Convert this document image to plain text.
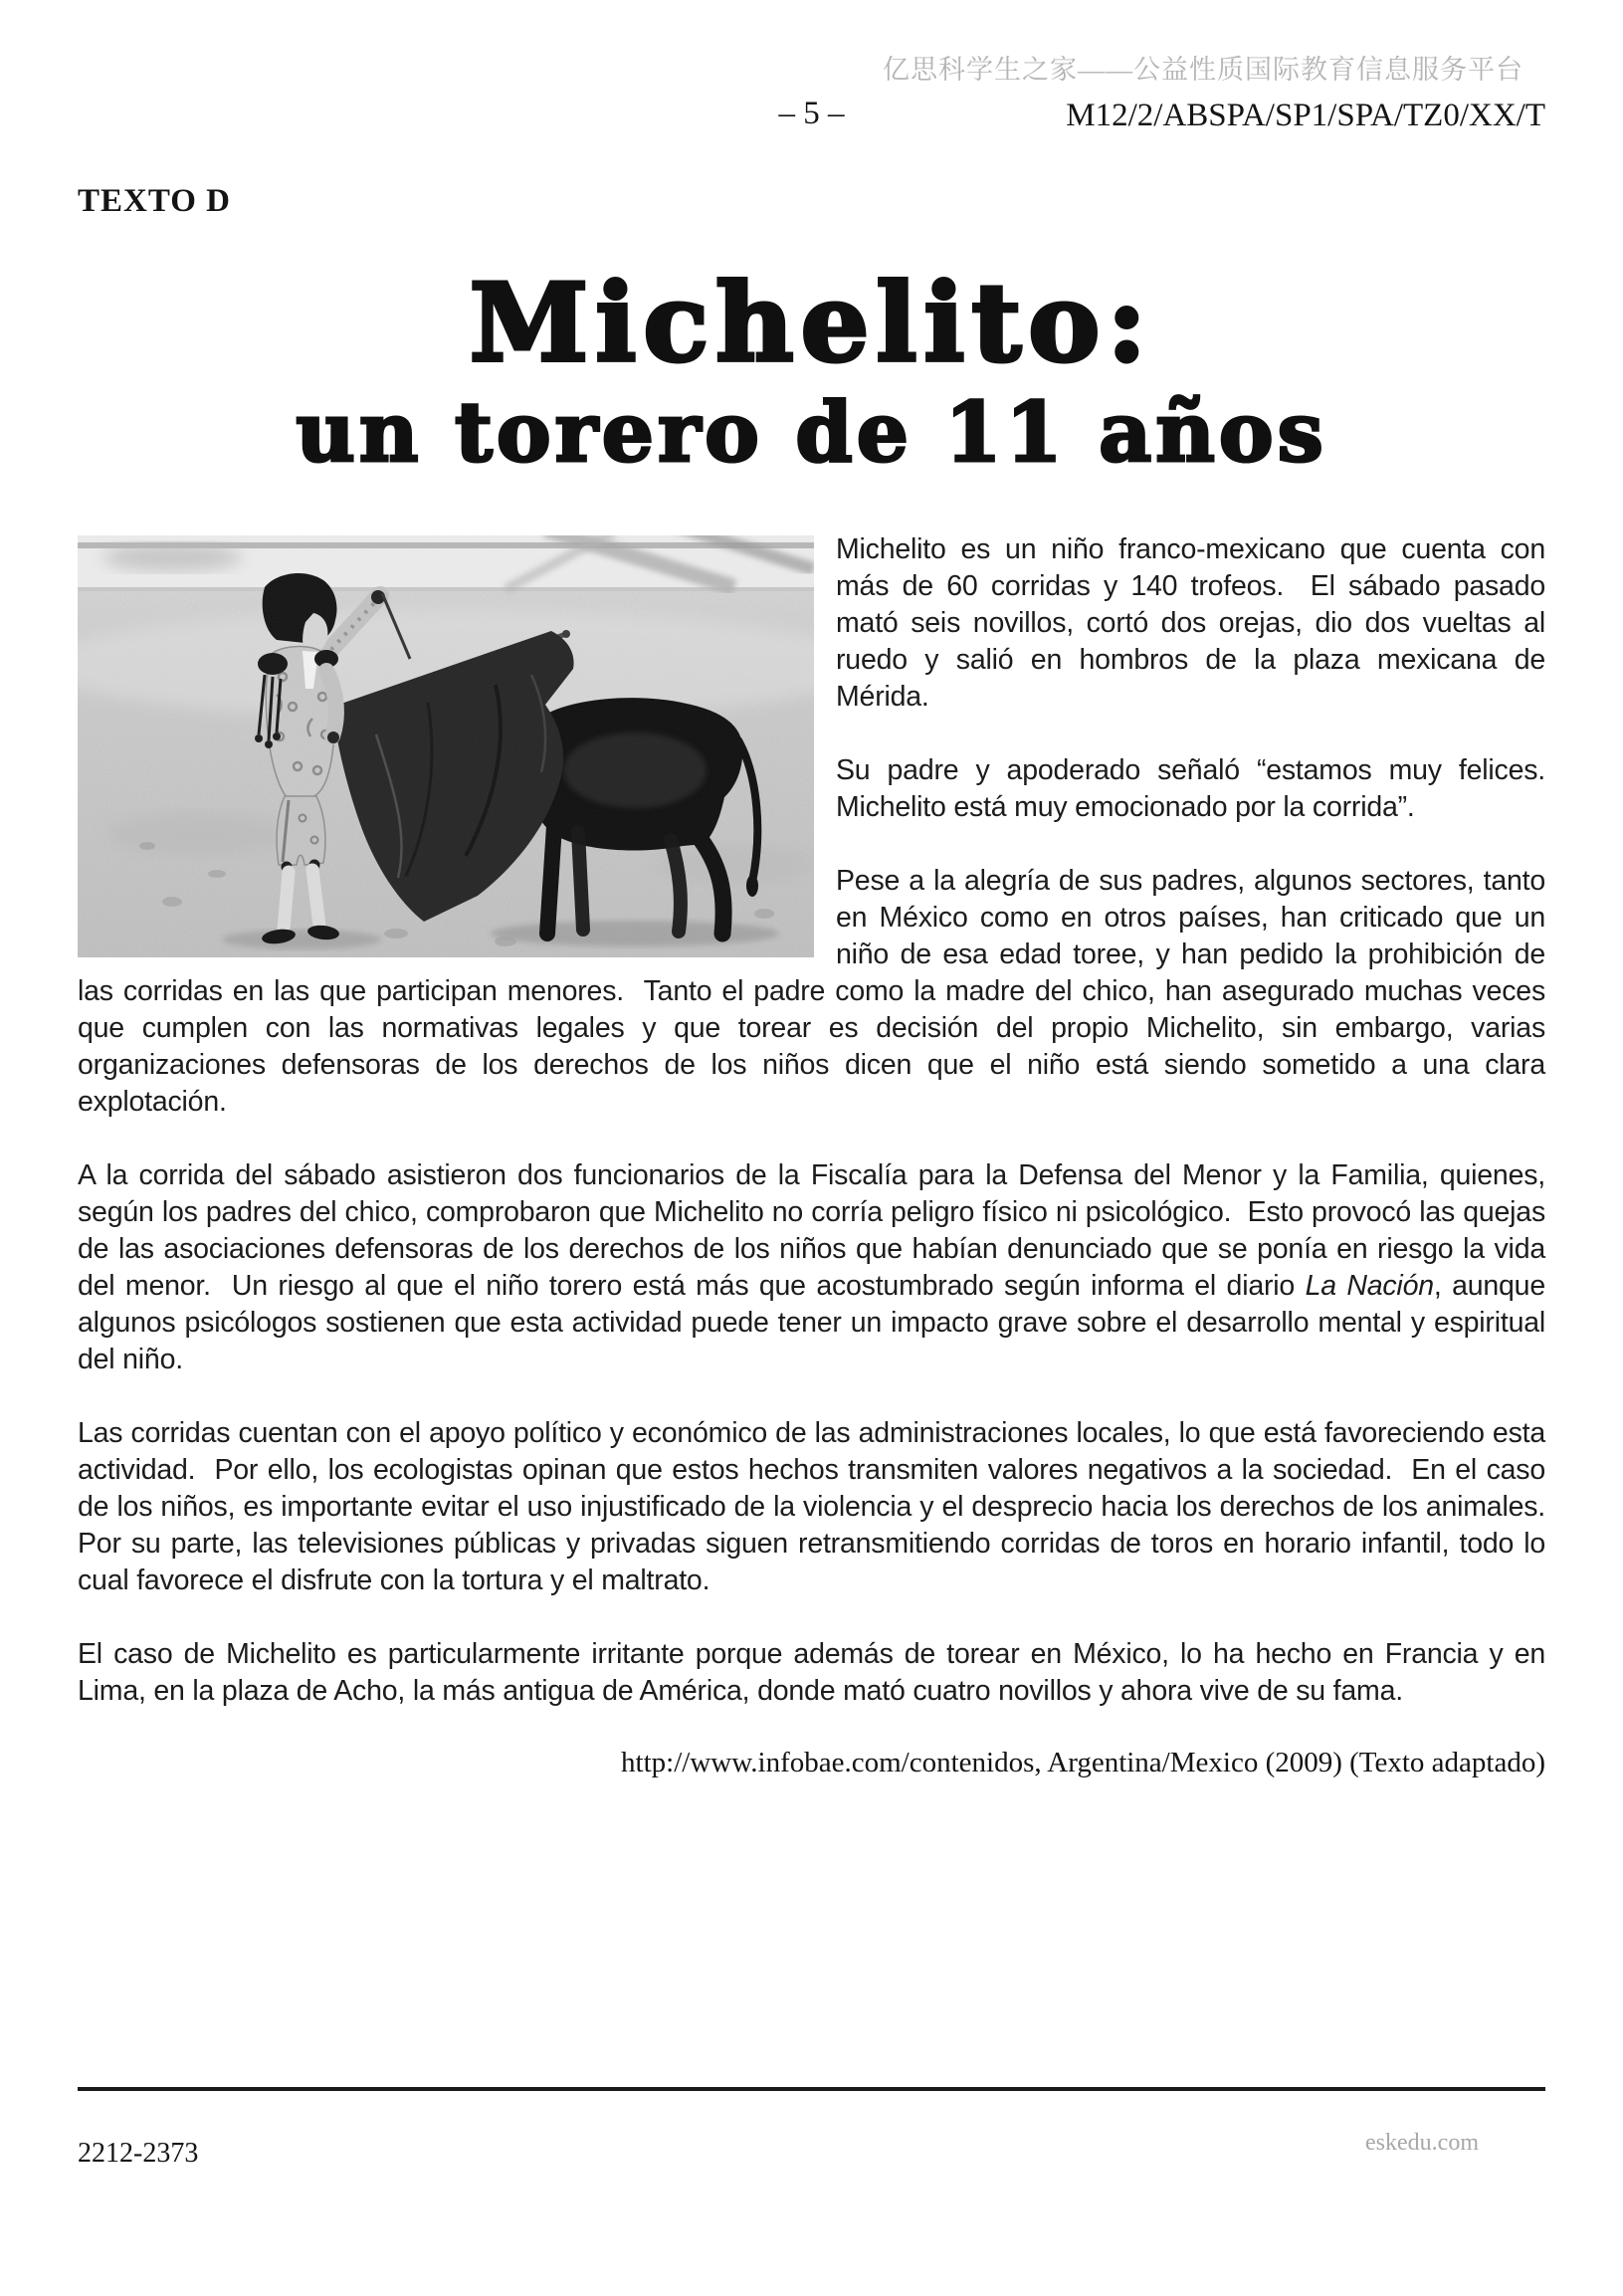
亿思科学生之家——公益性质国际教育信息服务平台
– 5 –	M12/2/ABSPA/SP1/SPA/TZ0/XX/T
TEXTO D
Michelito:
un torero de 11 años

Michelito es un niño franco-mexicano que cuenta con más de 60 corridas y 140 trofeos.  El sábado pasado mató seis novillos, cortó dos orejas, dio dos vueltas al ruedo y salió en hombros de la plaza mexicana de Mérida.

Su padre y apoderado señaló “estamos muy felices.  Michelito está muy emocionado por la corrida”.

Pese a la alegría de sus padres, algunos sectores, tanto en México como en otros países, han criticado que un niño de esa edad toree, y han pedido la prohibición de las corridas en las que participan menores.  Tanto el padre como la madre del chico, han asegurado muchas veces que cumplen con las normativas legales y que torear es decisión del propio Michelito, sin embargo, varias organizaciones defensoras de los derechos de los niños dicen que el niño está siendo sometido a una clara explotación.

A la corrida del sábado asistieron dos funcionarios de la Fiscalía para la Defensa del Menor y la Familia, quienes, según los padres del chico, comprobaron que Michelito no corría peligro físico ni psicológico.  Esto provocó las quejas de las asociaciones defensoras de los derechos de los niños que habían denunciado que se ponía en riesgo la vida del menor.  Un riesgo al que el niño torero está más que acostumbrado según informa el diario La Nación, aunque algunos psicólogos sostienen que esta actividad puede tener un impacto grave sobre el desarrollo mental y espiritual del niño.

Las corridas cuentan con el apoyo político y económico de las administraciones locales, lo que está favoreciendo esta actividad.  Por ello, los ecologistas opinan que estos hechos transmiten valores negativos a la sociedad.  En el caso de los niños, es importante evitar el uso injustificado de la violencia y el desprecio hacia los derechos de los animales.  Por su parte, las televisiones públicas y privadas siguen retransmitiendo corridas de toros en horario infantil, todo lo cual favorece el disfrute con la tortura y el maltrato.

El caso de Michelito es particularmente irritante porque además de torear en México, lo ha hecho en Francia y en Lima, en la plaza de Acho, la más antigua de América, donde mató cuatro novillos y ahora vive de su fama.

http://www.infobae.com/contenidos, Argentina/Mexico (2009) (Texto adaptado)
2212-2373	eskedu.com
